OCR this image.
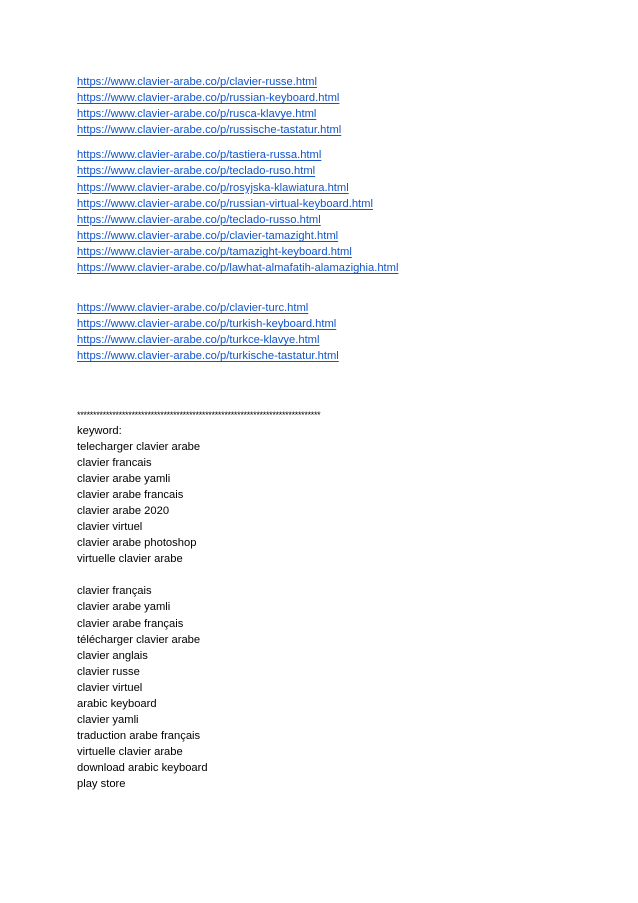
https://www.clavier-arabe.co/p/clavier-russe.html
https://www.clavier-arabe.co/p/russian-keyboard.html
https://www.clavier-arabe.co/p/rusca-klavye.html
https://www.clavier-arabe.co/p/russische-tastatur.html
https://www.clavier-arabe.co/p/tastiera-russa.html
https://www.clavier-arabe.co/p/teclado-ruso.html
https://www.clavier-arabe.co/p/rosyjska-klawiatura.html
https://www.clavier-arabe.co/p/russian-virtual-keyboard.html
https://www.clavier-arabe.co/p/teclado-russo.html
https://www.clavier-arabe.co/p/clavier-tamazight.html
https://www.clavier-arabe.co/p/tamazight-keyboard.html
https://www.clavier-arabe.co/p/lawhat-almafatih-alamazighia.html
https://www.clavier-arabe.co/p/clavier-turc.html
https://www.clavier-arabe.co/p/turkish-keyboard.html
https://www.clavier-arabe.co/p/turkce-klavye.html
https://www.clavier-arabe.co/p/turkische-tastatur.html
****************************************************************************
keyword:
telecharger clavier arabe
clavier francais
clavier arabe yamli
clavier arabe francais
clavier arabe 2020
clavier virtuel
clavier arabe photoshop
virtuelle clavier arabe
clavier français
clavier arabe yamli
clavier arabe français
télécharger clavier arabe
clavier anglais
clavier russe
clavier virtuel
arabic keyboard
clavier yamli
traduction arabe français
virtuelle clavier arabe
download arabic keyboard
play store
